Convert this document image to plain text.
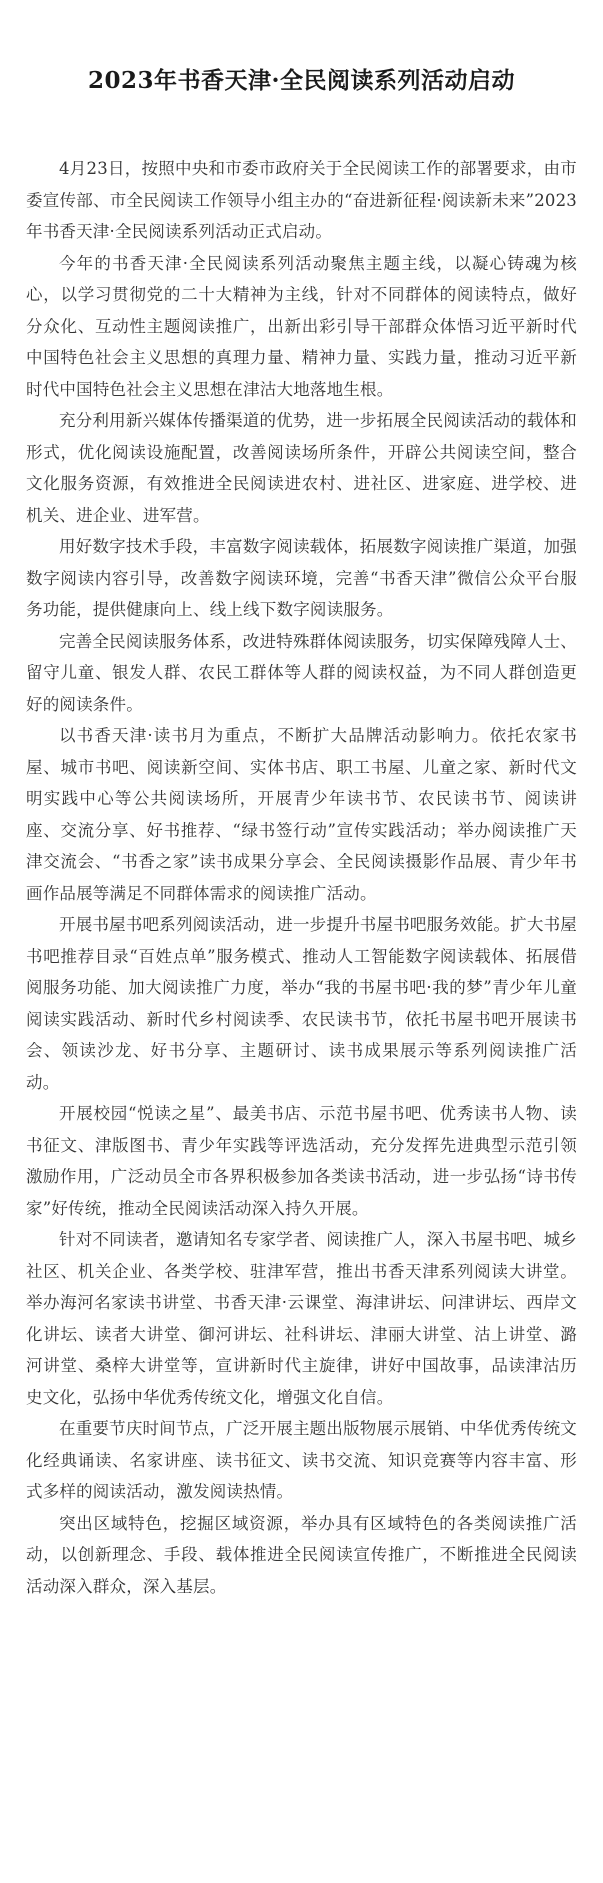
2023年书香天津·全民阅读系列活动启动

4月23日，按照中央和市委市政府关于全民阅读工作的部署要求，由市委宣传部、市全民阅读工作领导小组主办的“奋进新征程·阅读新未来”2023年书香天津·全民阅读系列活动正式启动。

今年的书香天津·全民阅读系列活动聚焦主题主线，以凝心铸魂为核心，以学习贯彻党的二十大精神为主线，针对不同群体的阅读特点，做好分众化、互动性主题阅读推广，出新出彩引导干部群众体悟习近平新时代中国特色社会主义思想的真理力量、精神力量、实践力量，推动习近平新时代中国特色社会主义思想在津沽大地落地生根。

充分利用新兴媒体传播渠道的优势，进一步拓展全民阅读活动的载体和形式，优化阅读设施配置，改善阅读场所条件，开辟公共阅读空间，整合文化服务资源，有效推进全民阅读进农村、进社区、进家庭、进学校、进机关、进企业、进军营。

用好数字技术手段，丰富数字阅读载体，拓展数字阅读推广渠道，加强数字阅读内容引导，改善数字阅读环境，完善“书香天津”微信公众平台服务功能，提供健康向上、线上线下数字阅读服务。

完善全民阅读服务体系，改进特殊群体阅读服务，切实保障残障人士、留守儿童、银发人群、农民工群体等人群的阅读权益，为不同人群创造更好的阅读条件。

以书香天津·读书月为重点，不断扩大品牌活动影响力。依托农家书屋、城市书吧、阅读新空间、实体书店、职工书屋、儿童之家、新时代文明实践中心等公共阅读场所，开展青少年读书节、农民读书节、阅读讲座、交流分享、好书推荐、“绿书签行动”宣传实践活动；举办阅读推广天津交流会、“书香之家”读书成果分享会、全民阅读摄影作品展、青少年书画作品展等满足不同群体需求的阅读推广活动。

开展书屋书吧系列阅读活动，进一步提升书屋书吧服务效能。扩大书屋书吧推荐目录“百姓点单”服务模式、推动人工智能数字阅读载体、拓展借阅服务功能、加大阅读推广力度，举办“我的书屋书吧·我的梦”青少年儿童阅读实践活动、新时代乡村阅读季、农民读书节，依托书屋书吧开展读书会、领读沙龙、好书分享、主题研讨、读书成果展示等系列阅读推广活动。

开展校园“悦读之星”、最美书店、示范书屋书吧、优秀读书人物、读书征文、津版图书、青少年实践等评选活动，充分发挥先进典型示范引领激励作用，广泛动员全市各界积极参加各类读书活动，进一步弘扬“诗书传家”好传统，推动全民阅读活动深入持久开展。

针对不同读者，邀请知名专家学者、阅读推广人，深入书屋书吧、城乡社区、机关企业、各类学校、驻津军营，推出书香天津系列阅读大讲堂。举办海河名家读书讲堂、书香天津·云课堂、海津讲坛、问津讲坛、西岸文化讲坛、读者大讲堂、御河讲坛、社科讲坛、津丽大讲堂、沽上讲堂、潞河讲堂、桑梓大讲堂等，宣讲新时代主旋律，讲好中国故事，品读津沽历史文化，弘扬中华优秀传统文化，增强文化自信。

在重要节庆时间节点，广泛开展主题出版物展示展销、中华优秀传统文化经典诵读、名家讲座、读书征文、读书交流、知识竞赛等内容丰富、形式多样的阅读活动，激发阅读热情。

突出区域特色，挖掘区域资源，举办具有区域特色的各类阅读推广活动，以创新理念、手段、载体推进全民阅读宣传推广，不断推进全民阅读活动深入群众，深入基层。
